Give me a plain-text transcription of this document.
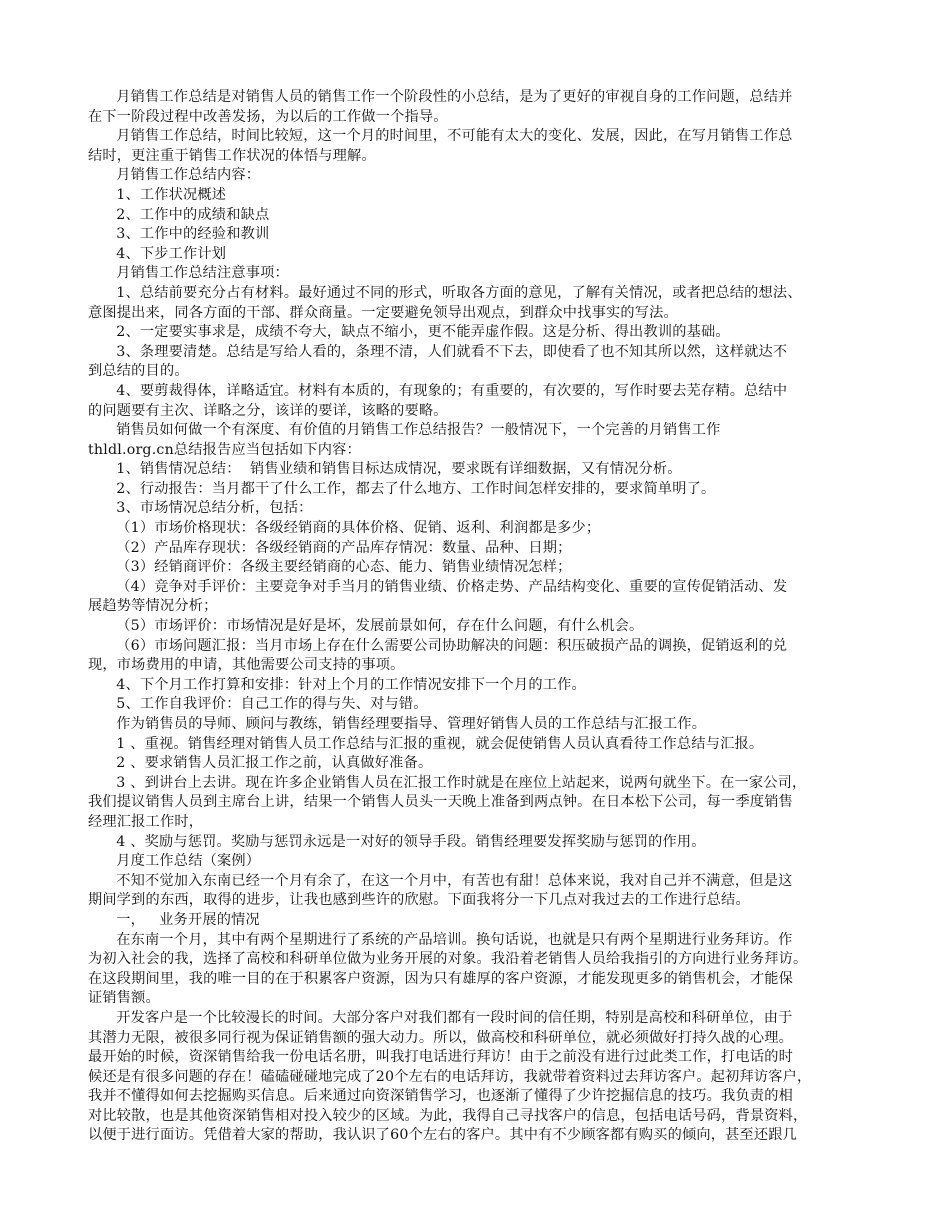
月销售工作总结是对销售人员的销售工作一个阶段性的小总结，是为了更好的审视自身的工作问题，总结并
在下一阶段过程中改善发扬，为以后的工作做一个指导。
月销售工作总结，时间比较短，这一个月的时间里，不可能有太大的变化、发展，因此，在写月销售工作总
结时，更注重于销售工作状况的体悟与理解。
月销售工作总结内容：
1、工作状况概述
2、工作中的成绩和缺点
3、工作中的经验和教训
4、下步工作计划
月销售工作总结注意事项：
1、总结前要充分占有材料。最好通过不同的形式，听取各方面的意见，了解有关情况，或者把总结的想法、
意图提出来，同各方面的干部、群众商量。一定要避免领导出观点，到群众中找事实的写法。
2、一定要实事求是，成绩不夸大，缺点不缩小，更不能弄虚作假。这是分析、得出教训的基础。
3、条理要清楚。总结是写给人看的，条理不清，人们就看不下去，即使看了也不知其所以然，这样就达不
到总结的目的。
4、要剪裁得体，详略适宜。材料有本质的，有现象的；有重要的，有次要的，写作时要去芜存精。总结中
的问题要有主次、详略之分，该详的要详，该略的要略。
销售员如何做一个有深度、有价值的月销售工作总结报告？一般情况下，一个完善的月销售工作
thldl.org.cn总结报告应当包括如下内容：
1、销售情况总结：  销售业绩和销售目标达成情况，要求既有详细数据，又有情况分析。
2、行动报告：当月都干了什么工作，都去了什么地方、工作时间怎样安排的，要求简单明了。
3、市场情况总结分析，包括：
（1）市场价格现状：各级经销商的具体价格、促销、返利、利润都是多少；
（2）产品库存现状：各级经销商的产品库存情况：数量、品种、日期；
（3）经销商评价：各级主要经销商的心态、能力、销售业绩情况怎样；
（4）竞争对手评价：主要竞争对手当月的销售业绩、价格走势、产品结构变化、重要的宣传促销活动、发
展趋势等情况分析；
（5）市场评价：市场情况是好是坏，发展前景如何，存在什么问题，有什么机会。
（6）市场问题汇报：当月市场上存在什么需要公司协助解决的问题：积压破损产品的调换，促销返利的兑
现，市场费用的申请，其他需要公司支持的事项。
4、下个月工作打算和安排：针对上个月的工作情况安排下一个月的工作。
5、工作自我评价：自己工作的得与失、对与错。
作为销售员的导师、顾问与教练，销售经理要指导、管理好销售人员的工作总结与汇报工作。
1 、重视。销售经理对销售人员工作总结与汇报的重视，就会促使销售人员认真看待工作总结与汇报。
2 、要求销售人员汇报工作之前，认真做好准备。
3 、到讲台上去讲。现在许多企业销售人员在汇报工作时就是在座位上站起来，说两句就坐下。在一家公司，
我们提议销售人员到主席台上讲，结果一个销售人员头一天晚上准备到两点钟。在日本松下公司，每一季度销售
经理汇报工作时，
4 、奖励与惩罚。奖励与惩罚永远是一对好的领导手段。销售经理要发挥奖励与惩罚的作用。
月度工作总结（案例）
不知不觉加入东南已经一个月有余了，在这一个月中，有苦也有甜！总体来说，我对自己并不满意，但是这
期间学到的东西，取得的进步，让我也感到些许的欣慰。下面我将分一下几点对我过去的工作进行总结。
一，   业务开展的情况
在东南一个月，其中有两个星期进行了系统的产品培训。换句话说，也就是只有两个星期进行业务拜访。作
为初入社会的我，选择了高校和科研单位做为业务开展的对象。我沿着老销售人员给我指引的方向进行业务拜访。
在这段期间里，我的唯一目的在于积累客户资源，因为只有雄厚的客户资源，才能发现更多的销售机会，才能保
证销售额。
开发客户是一个比较漫长的时间。大部分客户对我们都有一段时间的信任期，特别是高校和科研单位，由于
其潜力无限，被很多同行视为保证销售额的强大动力。所以，做高校和科研单位，就必须做好打持久战的心理。
最开始的时候，资深销售给我一份电话名册，叫我打电话进行拜访！由于之前没有进行过此类工作，打电话的时
候还是有很多问题的存在！磕磕碰碰地完成了20个左右的电话拜访，我就带着资料过去拜访客户。起初拜访客户，
我并不懂得如何去挖掘购买信息。后来通过向资深销售学习，也逐渐了懂得了少许挖掘信息的技巧。我负责的相
对比较散，也是其他资深销售相对投入较少的区域。为此，我得自己寻找客户的信息，包括电话号码，背景资料，
以便于进行面访。凭借着大家的帮助，我认识了60个左右的客户。其中有不少顾客都有购买的倾向，甚至还跟几
